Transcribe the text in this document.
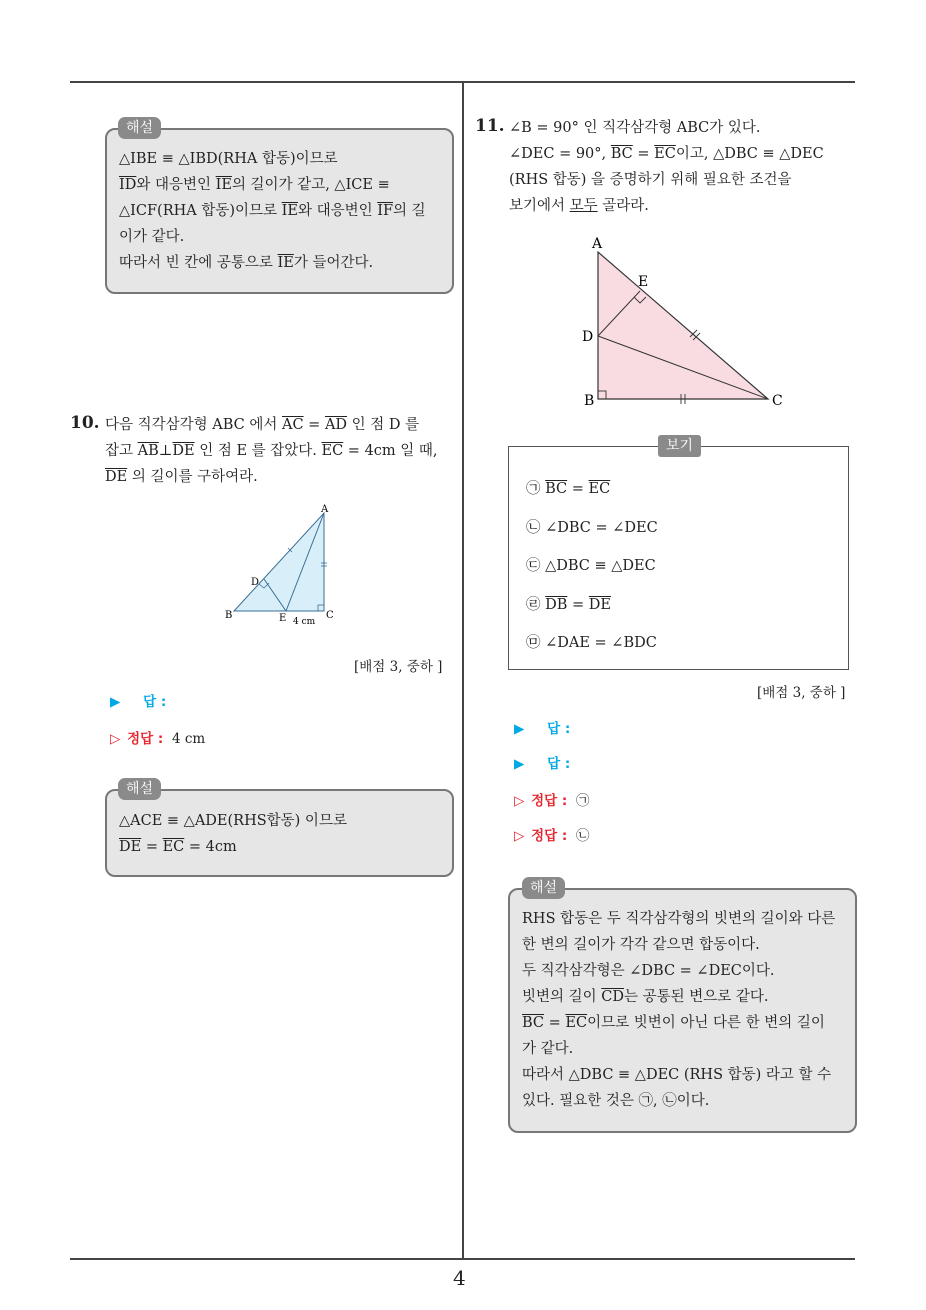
4
해설
△IBE ≡ △IBD(RHA 합동)이므로
$\overline{ID}$와 대응변인 $\overline{IE}$의 길이가 같고, △ICE ≡
△ICF(RHA 합동)이므로 $\overline{IE}$와 대응변인 $\overline{IF}$의 길
이가 같다.
따라서 빈 칸에 공통으로 $\overline{IE}$가 들어간다.
10. 다음 직각삼각형 ABC 에서 $\overline{AC} = \overline{AD}$ 인 점 D 를
잡고 $\overline{AB}\perp\overline{DE}$ 인 점 E 를 잡았다. $\overline{EC} = 4cm$ 일 때,
$\overline{DE}$ 의 길이를 구하여라.
A
B	C
D
E 4 cm
[배점 3, 중하 ]
▶ 답 :
▷ 정답 : 4 cm
해설
△ACE ≡ △ADE(RHS합동) 이므로
$\overline{DE} = \overline{EC} = 4cm$
11. ∠B = 90° 인 직각삼각형 ABC가 있다.
∠DEC = 90°, $\overline{BC} = \overline{EC}$이고, △DBC ≡ △DEC
(RHS 합동) 을 증명하기 위해 필요한 조건을
보기에서 모두 골라라.
A
E
D
B	C
보기
㉠ $\overline{BC} = \overline{EC}$
㉡ ∠DBC = ∠DEC
㉢ △DBC ≡ △DEC
㉣ $\overline{DB} = \overline{DE}$
㉤ ∠DAE = ∠BDC
[배점 3, 중하 ]
▶ 답 :
▶ 답 :
▷ 정답 : ㉠
▷ 정답 : ㉡
해설
RHS 합동은 두 직각삼각형의 빗변의 길이와 다른
한 변의 길이가 각각 같으면 합동이다.
두 직각삼각형은 ∠DBC = ∠DEC이다.
빗변의 길이 $\overline{CD}$는 공통된 변으로 같다.
$\overline{BC} = \overline{EC}$이므로 빗변이 아닌 다른 한 변의 길이
가 같다.
따라서 △DBC ≡ △DEC (RHS 합동) 라고 할 수
있다. 필요한 것은 ㉠, ㉡이다.
